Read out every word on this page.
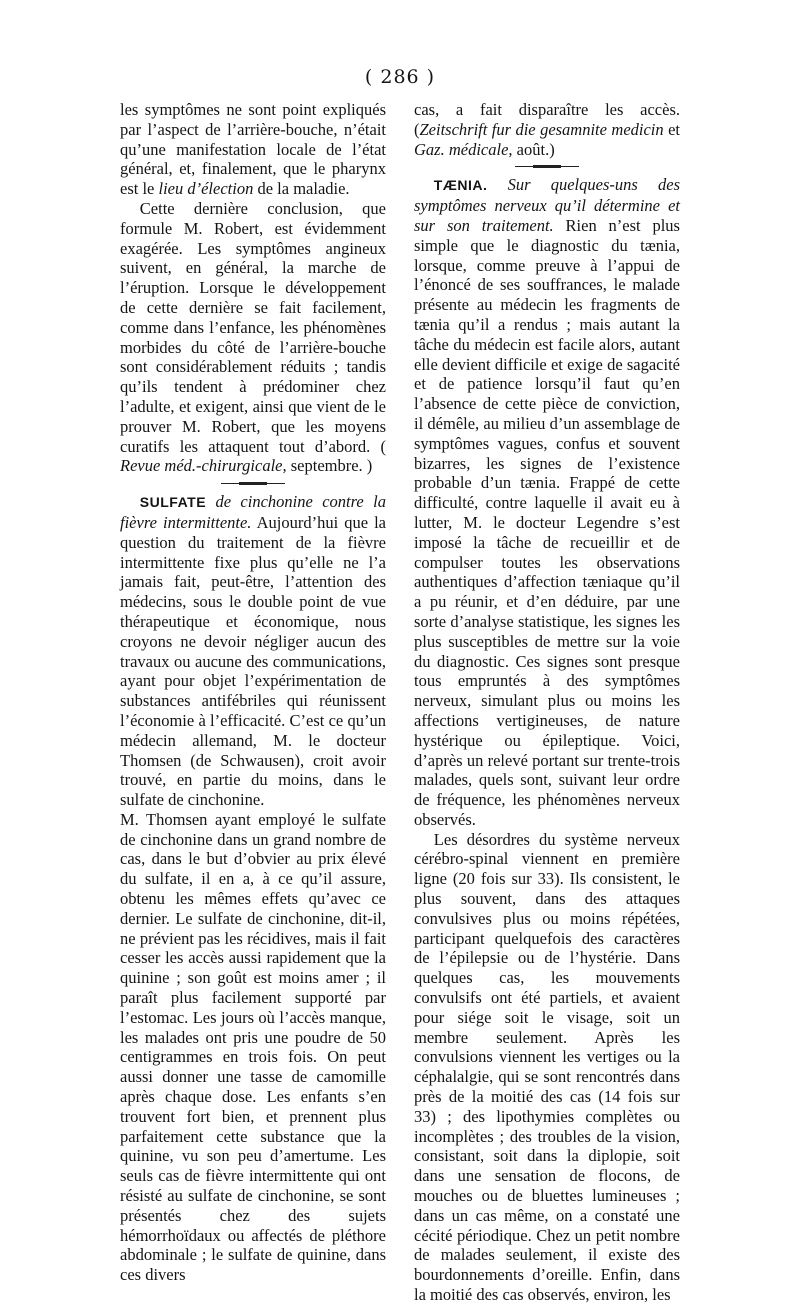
( 286 )

les symptômes ne sont point expliqués par l’aspect de l’arrière-bouche, n’était qu’une manifestation locale de l’état général, et, finalement, que le pharynx est le lieu d’élection de la maladie.

Cette dernière conclusion, que formule M. Robert, est évidemment exagérée. Les symptômes angineux suivent, en général, la marche de l’éruption. Lorsque le développement de cette dernière se fait facilement, comme dans l’enfance, les phénomènes morbides du côté de l’arrière-bouche sont considérablement réduits ; tandis qu’ils tendent à prédominer chez l’adulte, et exigent, ainsi que vient de le prouver M. Robert, que les moyens curatifs les attaquent tout d’abord. ( Revue méd.-chirurgicale, septembre. )

SULFATE de cinchonine contre la fièvre intermittente. Aujourd’hui que la question du traitement de la fièvre intermittente fixe plus qu’elle ne l’a jamais fait, peut-être, l’attention des médecins, sous le double point de vue thérapeutique et économique, nous croyons ne devoir négliger aucun des travaux ou aucune des communications, ayant pour objet l’expérimentation de substances antifébriles qui réunissent l’économie à l’efficacité. C’est ce qu’un médecin allemand, M. le docteur Thomsen (de Schwausen), croit avoir trouvé, en partie du moins, dans le sulfate de cinchonine.

M. Thomsen ayant employé le sulfate de cinchonine dans un grand nombre de cas, dans le but d’obvier au prix élevé du sulfate, il en a, à ce qu’il assure, obtenu les mêmes effets qu’avec ce dernier. Le sulfate de cinchonine, dit-il, ne prévient pas les récidives, mais il fait cesser les accès aussi rapidement que la quinine ; son goût est moins amer ; il paraît plus facilement supporté par l’estomac. Les jours où l’accès manque, les malades ont pris une poudre de 50 centigrammes en trois fois. On peut aussi donner une tasse de camomille après chaque dose. Les enfants s’en trouvent fort bien, et prennent plus parfaitement cette substance que la quinine, vu son peu d’amertume. Les seuls cas de fièvre intermittente qui ont résisté au sulfate de cinchonine, se sont présentés chez des sujets hémorrhoïdaux ou affectés de pléthore abdominale ; le sulfate de quinine, dans ces divers

cas, a fait disparaître les accès. (Zeitschrift fur die gesamnite medicin et Gaz. médicale, août.)

TÆNIA. Sur quelques-uns des symptômes nerveux qu’il détermine et sur son traitement. Rien n’est plus simple que le diagnostic du tænia, lorsque, comme preuve à l’appui de l’énoncé de ses souffrances, le malade présente au médecin les fragments de tænia qu’il a rendus ; mais autant la tâche du médecin est facile alors, autant elle devient difficile et exige de sagacité et de patience lorsqu’il faut qu’en l’absence de cette pièce de conviction, il démêle, au milieu d’un assemblage de symptômes vagues, confus et souvent bizarres, les signes de l’existence probable d’un tænia. Frappé de cette difficulté, contre laquelle il avait eu à lutter, M. le docteur Legendre s’est imposé la tâche de recueillir et de compulser toutes les observations authentiques d’affection tæniaque qu’il a pu réunir, et d’en déduire, par une sorte d’analyse statistique, les signes les plus susceptibles de mettre sur la voie du diagnostic. Ces signes sont presque tous empruntés à des symptômes nerveux, simulant plus ou moins les affections vertigineuses, de nature hystérique ou épileptique. Voici, d’après un relevé portant sur trente-trois malades, quels sont, suivant leur ordre de fréquence, les phénomènes nerveux observés.

Les désordres du système nerveux cérébro-spinal viennent en première ligne (20 fois sur 33). Ils consistent, le plus souvent, dans des attaques convulsives plus ou moins répétées, participant quelquefois des caractères de l’épilepsie ou de l’hystérie. Dans quelques cas, les mouvements convulsifs ont été partiels, et avaient pour siége soit le visage, soit un membre seulement. Après les convulsions viennent les vertiges ou la céphalalgie, qui se sont rencontrés dans près de la moitié des cas (14 fois sur 33) ; des lipothymies complètes ou incomplètes ; des troubles de la vision, consistant, soit dans la diplopie, soit dans une sensation de flocons, de mouches ou de bluettes lumineuses ; dans un cas même, on a constaté une cécité périodique. Chez un petit nombre de malades seulement, il existe des bourdonnements d’oreille. Enfin, dans la moitié des cas observés, environ, les
